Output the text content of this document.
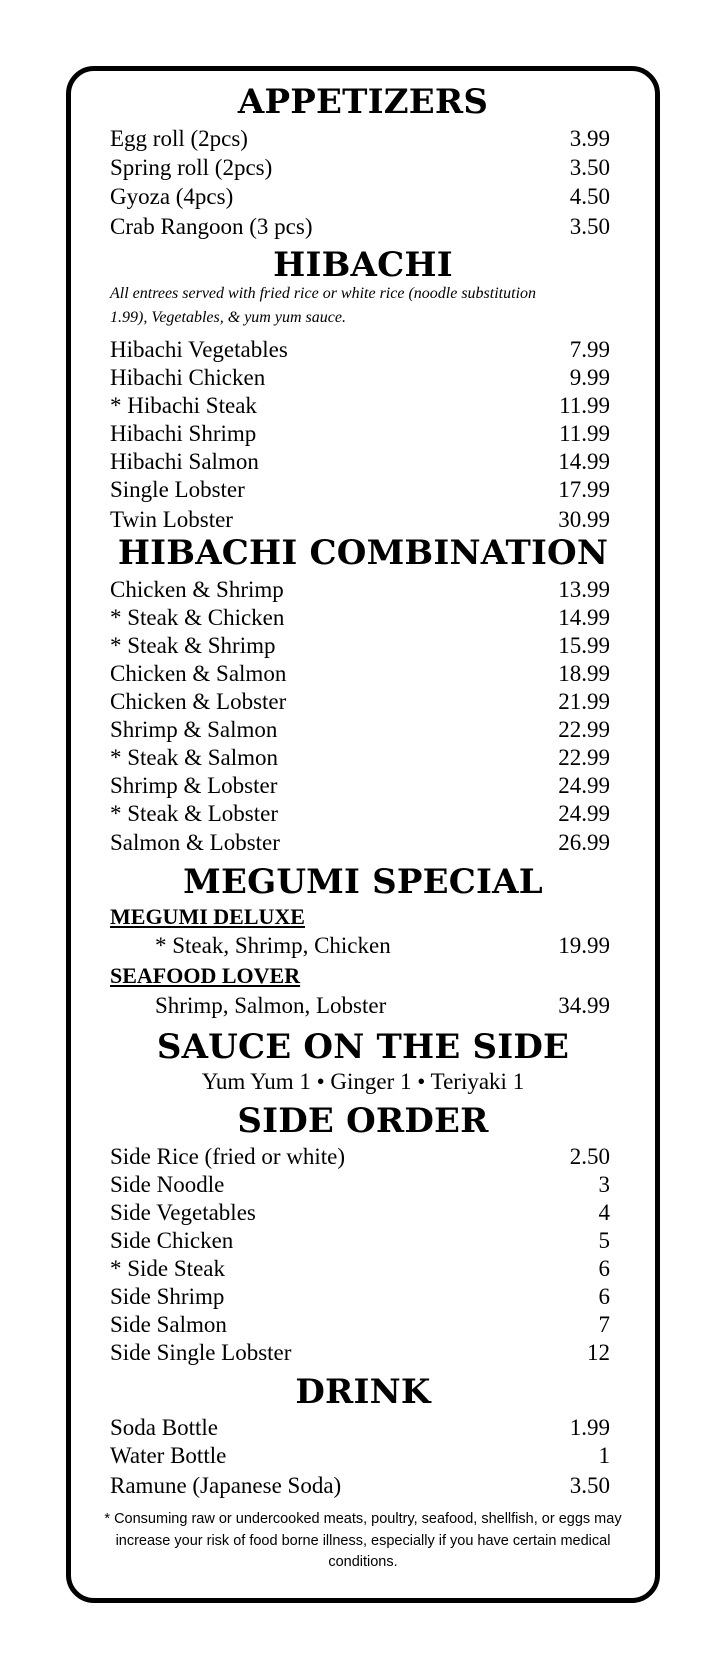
APPETIZERS
Egg roll (2pcs)	3.99
Spring roll (2pcs)	3.50
Gyoza (4pcs)	4.50
Crab Rangoon (3 pcs)	3.50
HIBACHI
All entrees served with fried rice or white rice (noodle substitution
1.99), Vegetables, & yum yum sauce.
Hibachi Vegetables	7.99
Hibachi Chicken	9.99
* Hibachi Steak	11.99
Hibachi Shrimp	11.99
Hibachi Salmon	14.99
Single Lobster	17.99
Twin Lobster	30.99
HIBACHI COMBINATION
Chicken & Shrimp	13.99
* Steak & Chicken	14.99
* Steak & Shrimp	15.99
Chicken & Salmon	18.99
Chicken & Lobster	21.99
Shrimp & Salmon	22.99
* Steak & Salmon	22.99
Shrimp & Lobster	24.99
* Steak & Lobster	24.99
Salmon & Lobster	26.99
MEGUMI SPECIAL
MEGUMI DELUXE
* Steak, Shrimp, Chicken	19.99
SEAFOOD LOVER
Shrimp, Salmon, Lobster	34.99
SAUCE ON THE SIDE
Yum Yum 1 • Ginger 1 • Teriyaki 1
SIDE ORDER
Side Rice (fried or white)	2.50
Side Noodle	3
Side Vegetables	4
Side Chicken	5
* Side Steak	6
Side Shrimp	6
Side Salmon	7
Side Single Lobster	12
DRINK
Soda Bottle	1.99
Water Bottle	1
Ramune (Japanese Soda)	3.50
* Consuming raw or undercooked meats, poultry, seafood, shellfish, or eggs may
increase your risk of food borne illness, especially if you have certain medical conditions.
